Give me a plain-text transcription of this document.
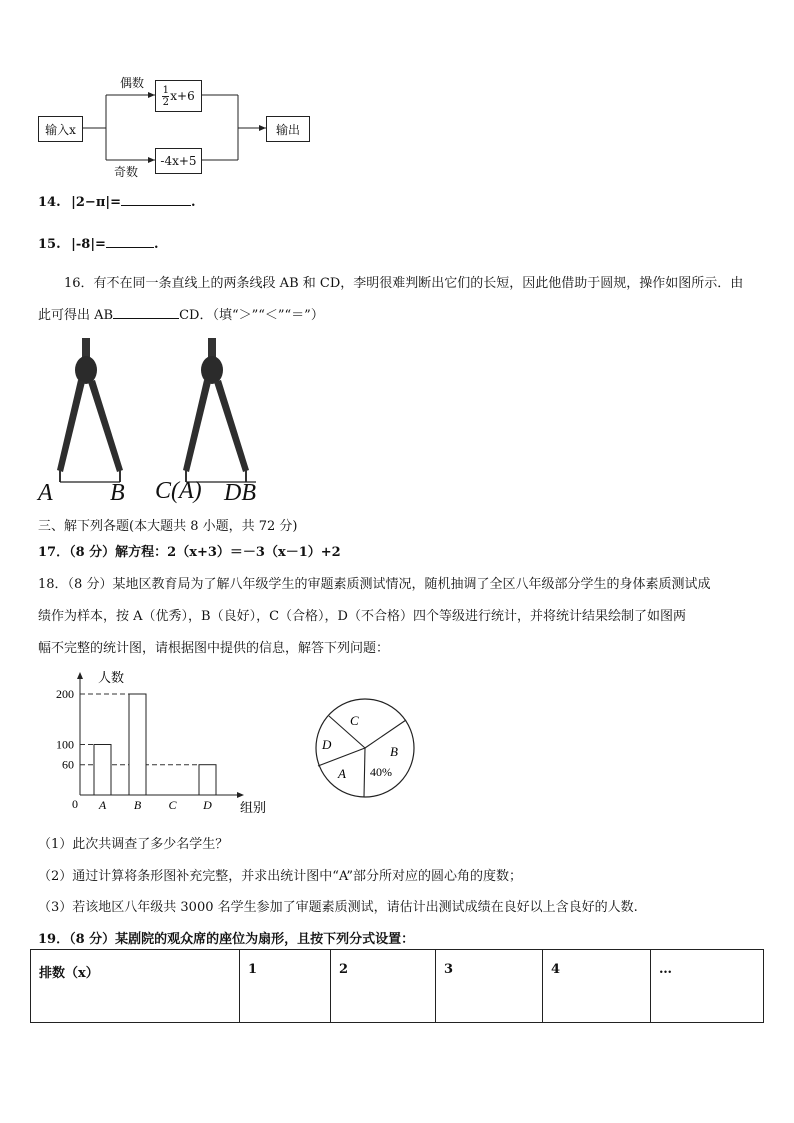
输入x
偶数
奇数
1
2 x+6
-4x+5
输出
14. |2−π|=	.
15. |-8|=	.
16．有不在同一条直线上的两条线段 AB 和 CD，李明很难判断出它们的长短，因此他借助于圆规，操作如图所示．由
此可得出 AB	CD．（填“＞”“＜”“＝”）
A B C(A) DB
三、解下列各题(本大题共 8 小题，共 72 分)
17．（8 分）解方程：2（x+3）＝－3（x－1）+2
18．（8 分）某地区教育局为了解八年级学生的审题素质测试情况，随机抽调了全区八年级部分学生的身体素质测试成
绩作为样本，按 A（优秀），B（良好），C（合格），D（不合格）四个等级进行统计，并将统计结果绘制了如图两
幅不完整的统计图，请根据图中提供的信息，解答下列问题：
60
100
200
A B C D
人数
组别
0
B
40%
C
D
A
（1）此次共调查了多少名学生？
（2）通过计算将条形图补充完整，并求出统计图中“A”部分所对应的圆心角的度数；
（3）若该地区八年级共 3000 名学生参加了审题素质测试，请估计出测试成绩在良好以上含良好的人数.
19．（8 分）某剧院的观众席的座位为扇形，且按下列分式设置：
排数（x）	1	2	3	4	…
